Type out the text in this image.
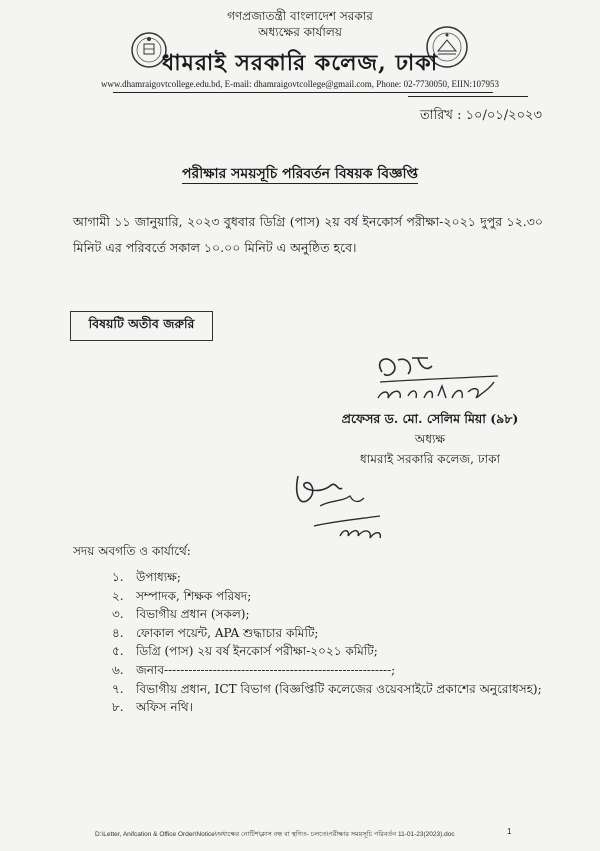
গণপ্রজাতন্ত্রী বাংলাদেশ সরকার
অধ্যক্ষের কার্যালয়
ধামরাই সরকারি কলেজ, ঢাকা
www.dhamraigovtcollege.edu.bd, E-mail: dhamraigovtcollege@gmail.com, Phone: 02-7730050, EIIN:107953
তারিখ : ১০/০১/২০২৩
পরীক্ষার সময়সূচি পরিবর্তন বিষয়ক বিজ্ঞপ্তি
আগামী ১১ জানুয়ারি, ২০২৩ বুধবার ডিগ্রি (পাস) ২য় বর্ষ ইনকোর্স পরীক্ষা-২০২১ দুপুর ১২.৩০ মিনিট এর পরিবর্তে সকাল ১০.০০ মিনিট এ অনুষ্ঠিত হবে।
বিষয়টি অতীব জরুরি
প্রফেসর ড. মো. সেলিম মিয়া (৯৮)
অধ্যক্ষ
ধামরাই সরকারি কলেজ, ঢাকা
সদয় অবগতি ও কার্যার্থে:
১. উপাধ্যক্ষ;
২. সম্পাদক, শিক্ষক পরিষদ;
৩. বিভাগীয় প্রধান (সকল);
৪. ফোকাল পয়েন্ট, APA শুদ্ধাচার কমিটি;
৫. ডিগ্রি (পাস) ২য় বর্ষ ইনকোর্স পরীক্ষা-২০২১ কমিটি;
৬. জনাব--------------------------------------------------------;
৭. বিভাগীয় প্রধান, ICT বিভাগ (বিজ্ঞপ্তিটি কলেজের ওয়েবসাইটে প্রকাশের অনুরোধসহ);
৮. অফিস নথি।
D:\Letter, Anifcation & Office Order\Notice\অধ্যক্ষের নোটিশ\ক্লাস বন্ধ বা স্থগিত- চলতে\পরীক্ষার সময়সূচি পরিবর্তন 11-01-23(2023).doc	1
